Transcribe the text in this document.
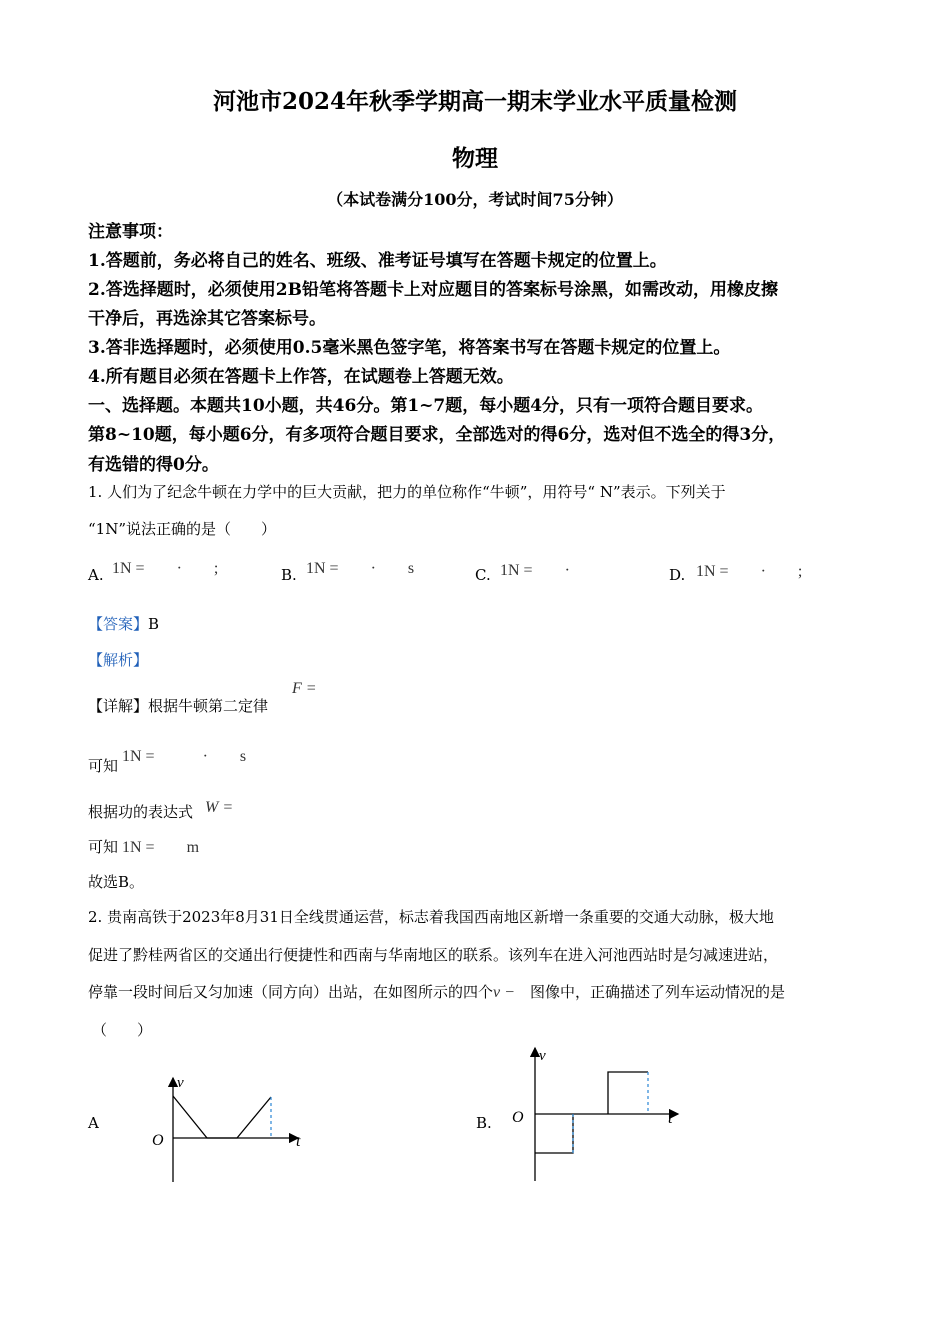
河池市2024年秋季学期高一期末学业水平质量检测
物理
（本试卷满分100分，考试时间75分钟）
注意事项：
1.答题前，务必将自己的姓名、班级、准考证号填写在答题卡规定的位置上。
2.答选择题时，必须使用2B铅笔将答题卡上对应题目的答案标号涂黑，如需改动，用橡皮擦
干净后，再选涂其它答案标号。
3.答非选择题时，必须使用0.5毫米黑色签字笔，将答案书写在答题卡规定的位置上。
4.所有题目必须在答题卡上作答，在试题卷上答题无效。
一、选择题。本题共10小题，共46分。第1~7题，每小题4分，只有一项符合题目要求。
第8~10题，每小题6分，有多项符合题目要求，全部选对的得6分，选对但不选全的得3分，
有选错的得0分。
1. 人们为了纪念牛顿在力学中的巨大贡献，把力的单位称作“牛顿”，用符号“ N”表示。下列关于
“1N”说法正确的是（　　）
A. 1N =　　·　　;	B. 1N =　　·　　s	C. 1N =　　·	D. 1N =　　·　　;
【答案】B
【解析】
【详解】根据牛顿第二定律
F =
可知
1N =　　　·　　s
根据功的表达式 W =
可知 1N =　　m
故选B。
2. 贵南高铁于2023年8月31日全线贯通运营，标志着我国西南地区新增一条重要的交通大动脉，极大地
促进了黔桂两省区的交通出行便捷性和西南与华南地区的联系。该列车在进入河池西站时是匀减速进站，
停靠一段时间后又匀加速（同方向）出站，在如图所示的四个v −　 图像中，正确描述了列车运动情况的是
（　　）
A
v
O	t
B.
v
O	t
